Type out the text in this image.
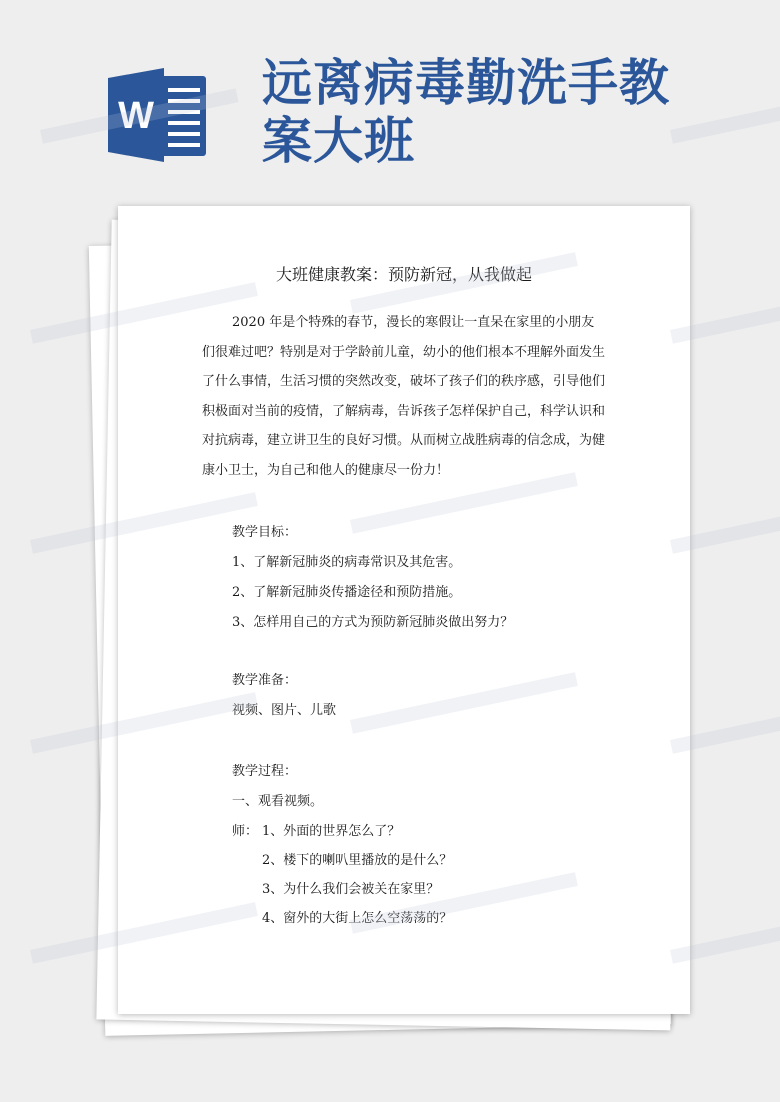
W
远离病毒勤洗手教
案大班
大班健康教案：预防新冠，从我做起
2020 年是个特殊的春节，漫长的寒假让一直呆在家里的小朋友
们很难过吧？特别是对于学龄前儿童，幼小的他们根本不理解外面发生
了什么事情，生活习惯的突然改变，破坏了孩子们的秩序感，引导他们
积极面对当前的疫情，了解病毒，告诉孩子怎样保护自己，科学认识和
对抗病毒，建立讲卫生的良好习惯。从而树立战胜病毒的信念成，为健
康小卫士，为自己和他人的健康尽一份力！
教学目标：
1、了解新冠肺炎的病毒常识及其危害。
2、了解新冠肺炎传播途径和预防措施。
3、怎样用自己的方式为预防新冠肺炎做出努力？
教学准备：
视频、图片、儿歌
教学过程：
一、观看视频。
师： 1、外面的世界怎么了？
2、楼下的喇叭里播放的是什么？
3、为什么我们会被关在家里？
4、窗外的大街上怎么空荡荡的？
